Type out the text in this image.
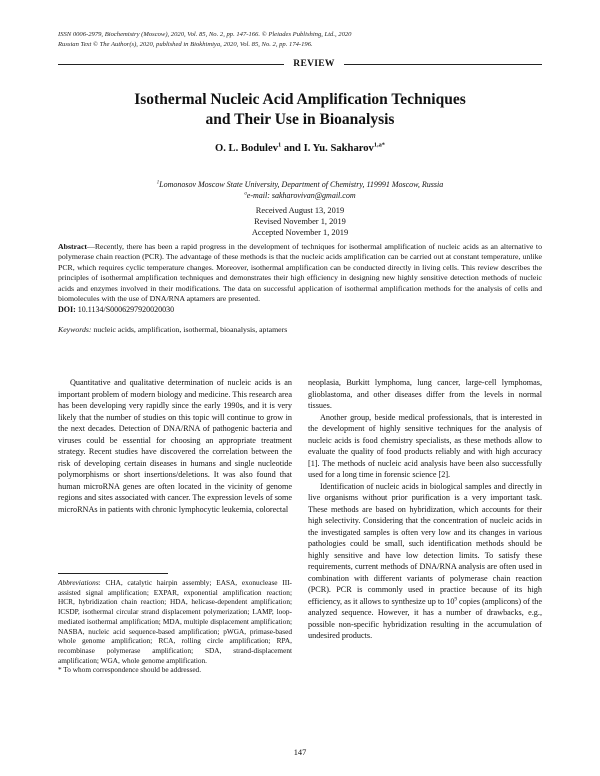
ISSN 0006-2979, Biochemistry (Moscow), 2020, Vol. 85, No. 2, pp. 147-166. © Pleiades Publishing, Ltd., 2020
Russian Text © The Author(s), 2020, published in Biokhimiya, 2020, Vol. 85, No. 2, pp. 174-196.
REVIEW
Isothermal Nucleic Acid Amplification Techniques
and Their Use in Bioanalysis
O. L. Bodulev$^1$ and I. Yu. Sakharov$^{1,a*}$
$^1$Lomonosov Moscow State University, Department of Chemistry, 119991 Moscow, Russia
$^a$e-mail: sakharovivan@gmail.com
Received August 13, 2019
Revised November 1, 2019
Accepted November 1, 2019
Abstract—Recently, there has been a rapid progress in the development of techniques for isothermal amplification of nucleic acids as an alternative to polymerase chain reaction (PCR). The advantage of these methods is that the nucleic acids amplification can be carried out at constant temperature, unlike PCR, which requires cyclic temperature changes. Moreover, isothermal amplification can be conducted directly in living cells. This review describes the principles of isothermal amplification techniques and demonstrates their high efficiency in designing new highly sensitive detection methods of nucleic acids and enzymes involved in their modifications. The data on successful application of isothermal amplification methods for the analysis of cells and biomolecules with the use of DNA/RNA aptamers are presented.
DOI: 10.1134/S0006297920020030
Keywords: nucleic acids, amplification, isothermal, bioanalysis, aptamers

Quantitative and qualitative determination of nucleic acids is an important problem of modern biology and medicine. This research area has been developing very rapidly since the early 1990s, and it is very likely that the number of studies on this topic will continue to grow in the next decades. Detection of DNA/RNA of pathogenic bacteria and viruses could be essential for choosing an appropriate treatment strategy. Recent studies have discovered the correlation between the risk of developing certain diseases in humans and single nucleotide polymorphisms or short insertions/deletions. It was also found that human microRNA genes are often located in the vicinity of genome regions and sites associated with cancer. The expression levels of some microRNAs in patients with chronic lymphocytic leukemia, colorectal

neoplasia, Burkitt lymphoma, lung cancer, large-cell lymphomas, glioblastoma, and other diseases differ from the levels in normal tissues.

Another group, beside medical professionals, that is interested in the development of highly sensitive techniques for the analysis of nucleic acids is food chemistry specialists, as these methods allow to evaluate the quality of food products reliably and with high accuracy [1]. The methods of nucleic acid analysis have been also successfully used for a long time in forensic science [2].

Identification of nucleic acids in biological samples and directly in live organisms without prior purification is a very important task. These methods are based on hybridization, which accounts for their high selectivity. Considering that the concentration of nucleic acids in the investigated samples is often very low and its changes in various pathologies could be small, such identification methods should be highly sensitive and have low detection limits. To satisfy these requirements, current methods of DNA/RNA analysis are often used in combination with different variants of polymerase chain reaction (PCR). PCR is commonly used in practice because of its high efficiency, as it allows to synthesize up to $10^9$ copies (amplicons) of the analyzed sequence. However, it has a number of drawbacks, e.g., possible non-specific hybridization resulting in the accumulation of undesired products.

Abbreviations: CHA, catalytic hairpin assembly; EASA, exonuclease III-assisted signal amplification; EXPAR, exponential amplification reaction; HCR, hybridization chain reaction; HDA, helicase-dependent amplification; ICSDP, isothermal circular strand displacement polymerization; LAMP, loop-mediated isothermal amplification; MDA, multiple displacement amplification; NASBA, nucleic acid sequence-based amplification; pWGA, primase-based whole genome amplification; RCA, rolling circle amplification; RPA, recombinase polymerase amplification; SDA, strand-displacement amplification; WGA, whole genome amplification.

* To whom correspondence should be addressed.

147
